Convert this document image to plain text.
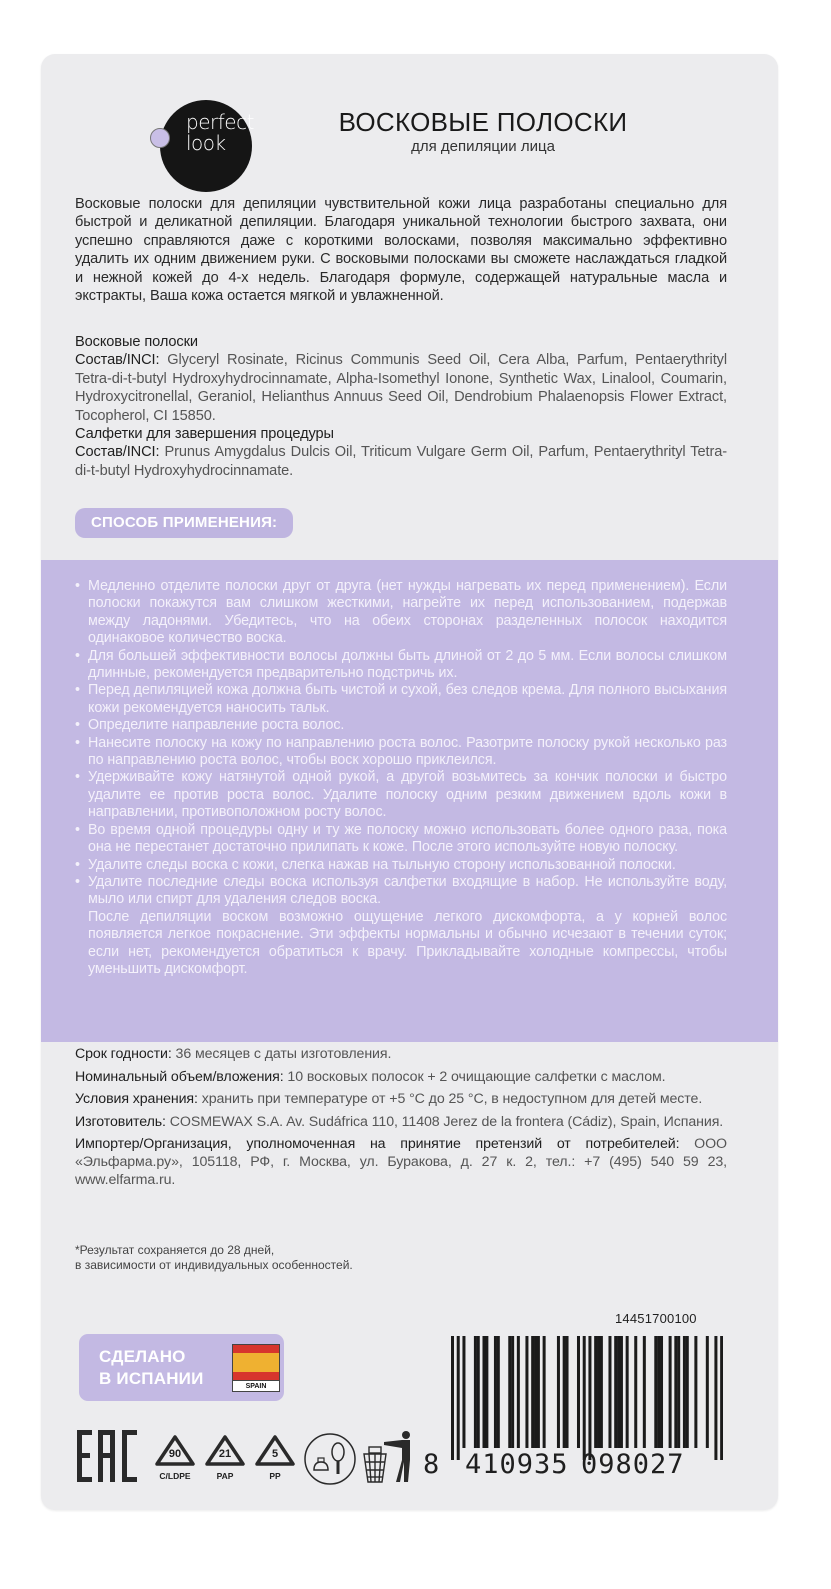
perfect
look
ВОСКОВЫЕ ПОЛОСКИ
для депиляции лица

Восковые полоски для депиляции чувствительной кожи лица разработаны специально для быстрой и деликатной депиляции. Благодаря уникальной технологии быстрого захвата, они успешно справляются даже с короткими волосками, позволяя максимально эффективно удалить их одним движением руки. С восковыми полосками вы сможете наслаждаться гладкой и нежной кожей до 4-х недель. Благодаря формуле, содержащей натуральные масла и экстракты, Ваша кожа остается мягкой и увлажненной.

Восковые полоски

Состав/INCI: Glyceryl Rosinate, Ricinus Communis Seed Oil, Cera Alba, Parfum, Pentaerythrityl Tetra-di-t-butyl Hydroxyhydrocinnamate, Alpha-Isomethyl Ionone, Synthetic Wax, Linalool, Coumarin, Hydroxycitronellal, Geraniol, Helianthus Annuus Seed Oil, Dendrobium Phalaenopsis Flower Extract, Tocopherol, CI 15850.

Салфетки для завершения процедуры

Состав/INCI: Prunus Amygdalus Dulcis Oil, Triticum Vulgare Germ Oil, Parfum, Pentaerythrityl Tetra-di-t-butyl Hydroxyhydrocinnamate.

СПОСОБ ПРИМЕНЕНИЯ:
• Медленно отделите полоски друг от друга (нет нужды нагревать их перед применением). Если полоски покажутся вам слишком жесткими, нагрейте их перед использованием, подержав между ладонями. Убедитесь, что на обеих сторонах разделенных полосок находится одинаковое количество воска.
• Для большей эффективности волосы должны быть длиной от 2 до 5 мм. Если волосы слишком длинные, рекомендуется предварительно подстричь их.
• Перед депиляцией кожа должна быть чистой и сухой, без следов крема. Для полного высыхания кожи рекомендуется наносить тальк.
• Определите направление роста волос.
• Нанесите полоску на кожу по направлению роста волос. Разотрите полоску рукой несколько раз по направлению роста волос, чтобы воск хорошо приклеился.
• Удерживайте кожу натянутой одной рукой, а другой возьмитесь за кончик полоски и быстро удалите ее против роста волос. Удалите полоску одним резким движением вдоль кожи в направлении, противоположном росту волос.
• Во время одной процедуры одну и ту же полоску можно использовать более одного раза, пока она не перестанет достаточно прилипать к коже. После этого используйте новую полоску.
• Удалите следы воска с кожи, слегка нажав на тыльную сторону использованной полоски.
• Удалите последние следы воска используя салфетки входящие в набор. Не используйте воду, мыло или спирт для удаления следов воска.
После депиляции воском возможно ощущение легкого дискомфорта, а у корней волос появляется легкое покраснение. Эти эффекты нормальны и обычно исчезают в течении суток; если нет, рекомендуется обратиться к врачу. Прикладывайте холодные компрессы, чтобы уменьшить дискомфорт.

Срок годности: 36 месяцев с даты изготовления.

Номинальный объем/вложения: 10 восковых полосок + 2 очищающие салфетки с маслом.

Условия хранения: хранить при температуре от +5 °C до 25 °C, в недоступном для детей месте.

Изготовитель: COSMEWAX S.A. Av. Sudáfrica 110, 11408 Jerez de la frontera (Cádiz), Spain, Испания.

Импортер/Организация, уполномоченная на принятие претензий от потребителей: ООО «Эльфарма.ру», 105118, РФ, г. Москва, ул. Буракова, д. 27 к. 2, тел.: +7 (495) 540 59 23, www.elfarma.ru.

*Результат сохраняется до 28 дней,

в зависимости от индивидуальных особенностей.

СДЕЛАНО
В ИСПАНИИ	SPAIN
90
C/LDPE
21
PAP
5
PP
14451700100
8 410935 098027
